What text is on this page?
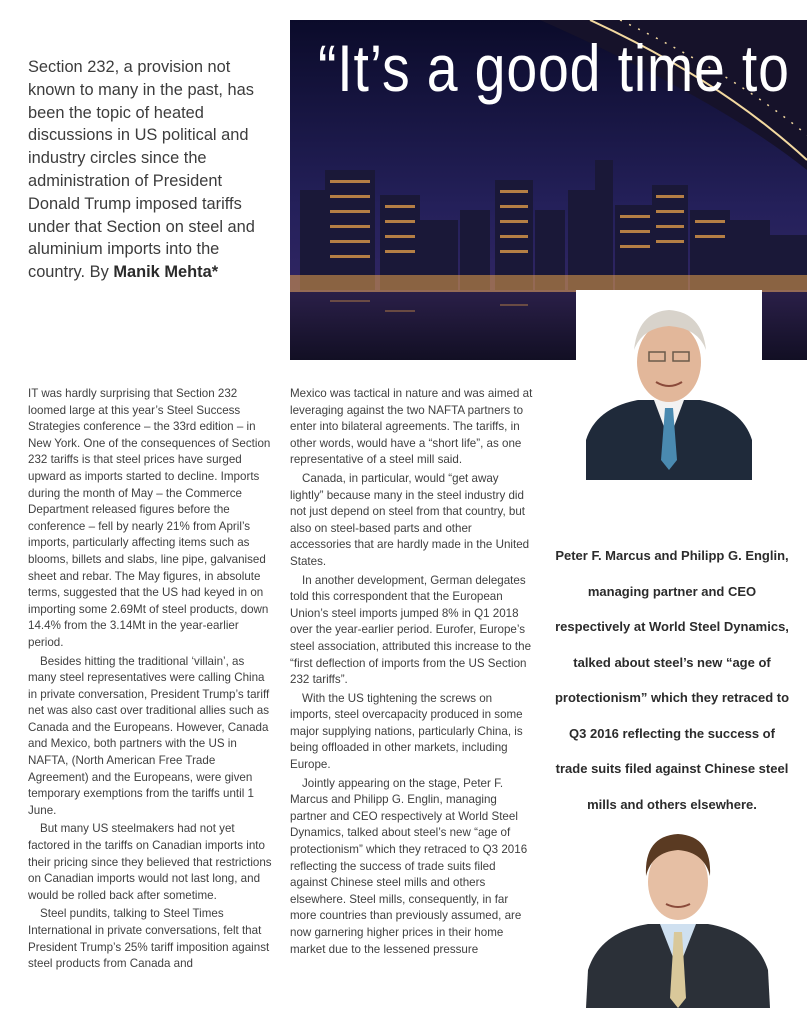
Section 232, a provision not known to many in the past, has been the topic of heated discussions in US political and industry circles since the administration of President Donald Trump imposed tariffs under that Section on steel and aluminium imports into the country. By Manik Mehta*

“It’s a good time to

IT was hardly surprising that Section 232 loomed large at this year’s Steel Success Strategies conference – the 33rd edition – in New York. One of the consequences of Section 232 tariffs is that steel prices have surged upward as imports started to decline. Imports during the month of May – the Commerce Department released figures before the conference – fell by nearly 21% from April’s imports, particularly affecting items such as blooms, billets and slabs, line pipe, galvanised sheet and rebar. The May figures, in absolute terms, suggested that the US had keyed in on importing some 2.69Mt of steel products, down 14.4% from the 3.14Mt in the year-earlier period.

Besides hitting the traditional ‘villain’, as many steel representatives were calling China in private conversation, President Trump’s tariff net was also cast over traditional allies such as Canada and the Europeans. However, Canada and Mexico, both partners with the US in NAFTA, (North American Free Trade Agreement) and the Europeans, were given temporary exemptions from the tariffs until 1 June.

But many US steelmakers had not yet factored in the tariffs on Canadian imports into their pricing since they believed that restrictions on Canadian imports would not last long, and would be rolled back after sometime.

Steel pundits, talking to Steel Times International in private conversations, felt that President Trump’s 25% tariff imposition against steel products from Canada and

Mexico was tactical in nature and was aimed at leveraging against the two NAFTA partners to enter into bilateral agreements. The tariffs, in other words, would have a “short life”, as one representative of a steel mill said.

Canada, in particular, would “get away lightly” because many in the steel industry did not just depend on steel from that country, but also on steel-based parts and other accessories that are hardly made in the United States.

In another development, German delegates told this correspondent that the European Union’s steel imports jumped 8% in Q1 2018 over the year-earlier period. Eurofer, Europe’s steel association, attributed this increase to the “first deflection of imports from the US Section 232 tariffs”.

With the US tightening the screws on imports, steel overcapacity produced in some major supplying nations, particularly China, is being offloaded in other markets, including Europe.

Jointly appearing on the stage, Peter F. Marcus and Philipp G. Englin, managing partner and CEO respectively at World Steel Dynamics, talked about steel’s new “age of protectionism” which they retraced to Q3 2016 reflecting the success of trade suits filed against Chinese steel mills and others elsewhere. Steel mills, consequently, in far more countries than previously assumed, are now garnering higher prices in their home market due to the lessened pressure

Peter F. Marcus and Philipp G. Englin, managing partner and CEO respectively at World Steel Dynamics, talked about steel’s new “age of protectionism” which they retraced to Q3 2016 reflecting the success of trade suits filed against Chinese steel mills and others elsewhere.
